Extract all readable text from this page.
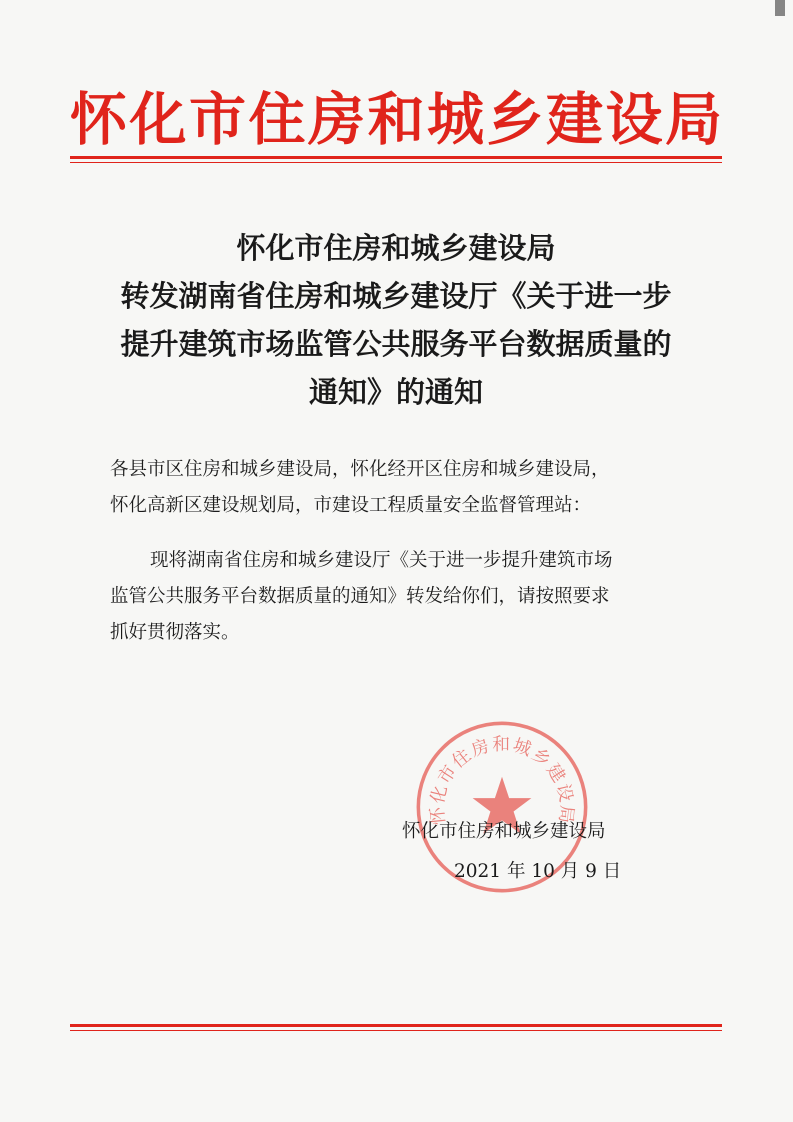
怀化市住房和城乡建设局
怀化市住房和城乡建设局
转发湖南省住房和城乡建设厅《关于进一步
提升建筑市场监管公共服务平台数据质量的
通知》的通知
各县市区住房和城乡建设局，怀化经开区住房和城乡建设局，
怀化高新区建设规划局，市建设工程质量安全监督管理站：
现将湖南省住房和城乡建设厅《关于进一步提升建筑市场
监管公共服务平台数据质量的通知》转发给你们，请按照要求
抓好贯彻落实。
怀化市住房和城乡建设局
怀化市住房和城乡建设局
2021 年 10 月 9 日
